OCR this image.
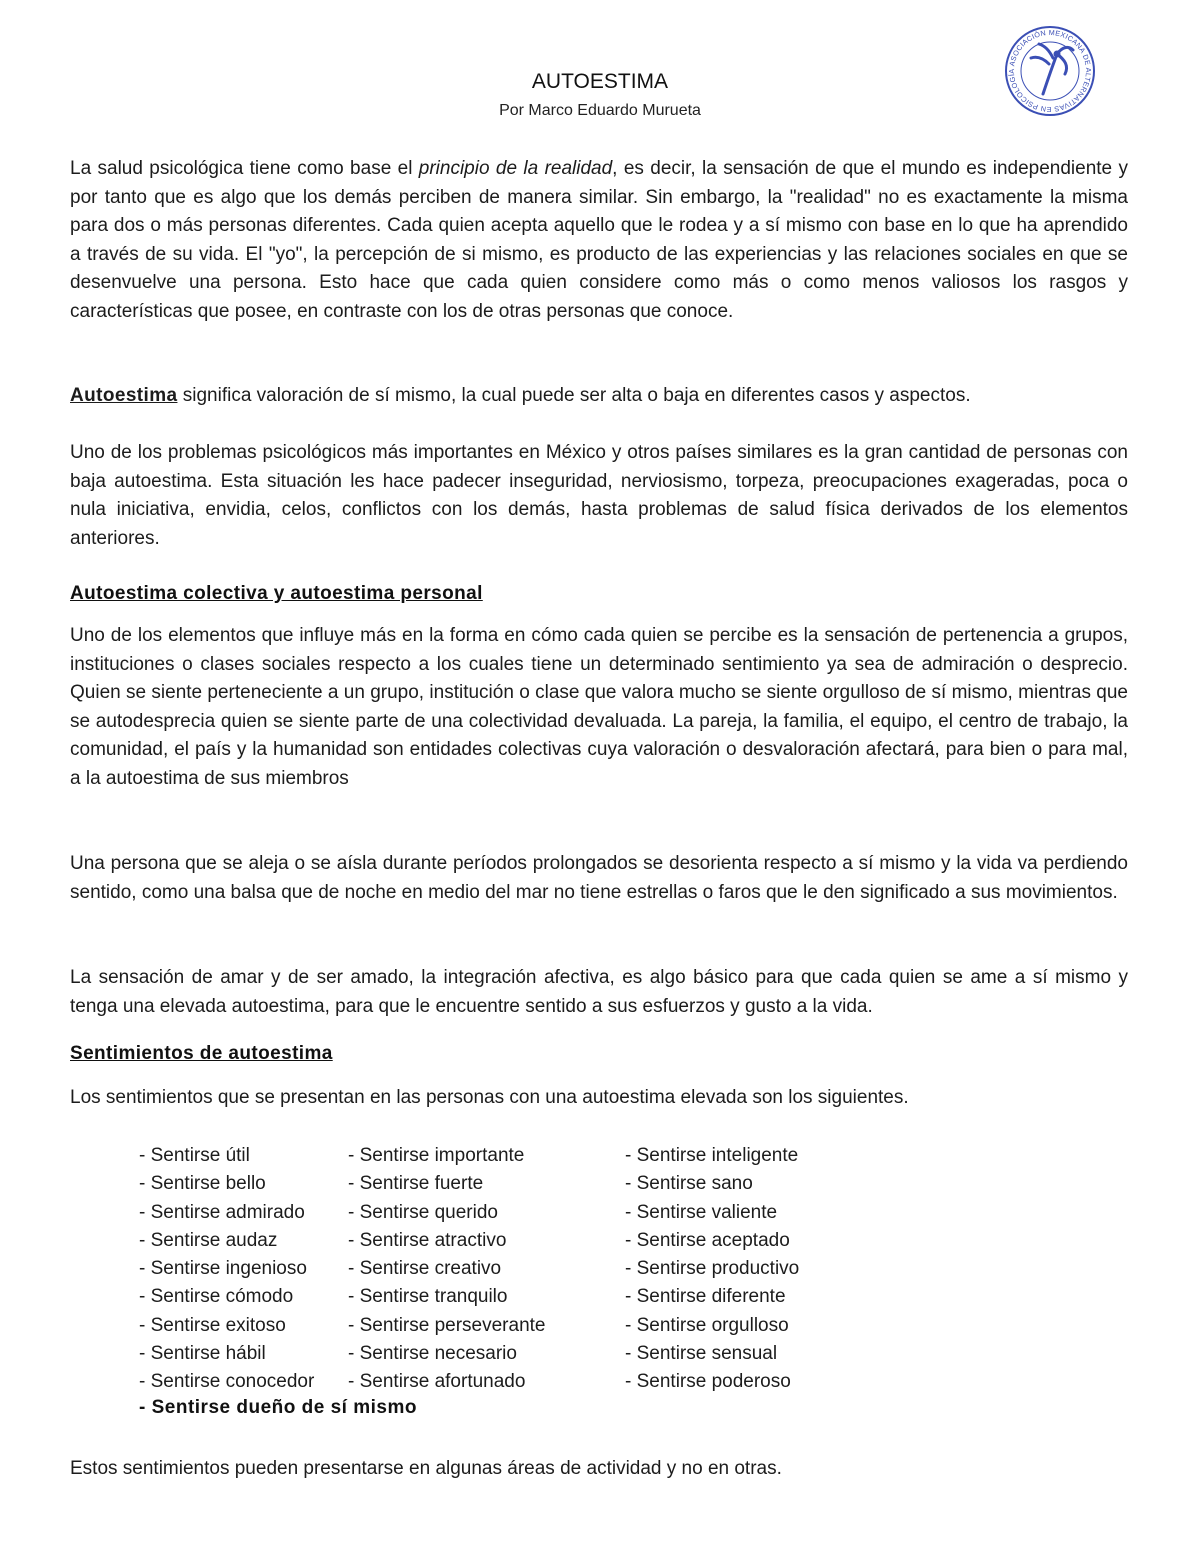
ASOCIACIÓN MEXICANA DE ALTERNATIVAS EN PSICOLOGÍA
AUTOESTIMA
Por Marco Eduardo Murueta
La salud psicológica tiene como base el principio de la realidad, es decir, la sensación de que el mundo es independiente y por tanto que es algo que los demás perciben de manera similar. Sin embargo, la "realidad" no es exactamente la misma para dos o más personas diferentes. Cada quien acepta aquello que le rodea y a sí mismo con base en lo que ha aprendido a través de su vida. El "yo", la percepción de si mismo, es producto de las experiencias y las relaciones sociales en que se desenvuelve una persona. Esto hace que cada quien considere como más o como menos valiosos los rasgos y características que posee, en contraste con los de otras personas que conoce.
Autoestima significa valoración de sí mismo, la cual puede ser alta o baja en diferentes casos y aspectos.
Uno de los problemas psicológicos más importantes en México y otros países similares es la gran cantidad de personas con baja autoestima. Esta situación les hace padecer inseguridad, nerviosismo, torpeza, preocupaciones exageradas, poca o nula iniciativa, envidia, celos, conflictos con los demás, hasta problemas de salud física derivados de los elementos anteriores.
Autoestima colectiva y autoestima personal
Uno de los elementos que influye más en la forma en cómo cada quien se percibe es la sensación de pertenencia a grupos, instituciones o clases sociales respecto a los cuales tiene un determinado sentimiento ya sea de admiración o desprecio. Quien se siente perteneciente a un grupo, institución o clase que valora mucho se siente orgulloso de sí mismo, mientras que se autodesprecia quien se siente parte de una colectividad devaluada. La pareja, la familia, el equipo, el centro de trabajo, la comunidad, el país y la humanidad son entidades colectivas cuya valoración o desvaloración afectará, para bien o para mal, a la autoestima de sus miembros
Una persona que se aleja o se aísla durante períodos prolongados se desorienta respecto a sí mismo y la vida va perdiendo sentido, como una balsa que de noche en medio del mar no tiene estrellas o faros que le den significado a sus movimientos.
La sensación de amar y de ser amado, la integración afectiva, es algo básico para que cada quien se ame a sí mismo y tenga una elevada autoestima, para que le encuentre sentido a sus esfuerzos y gusto a la vida.
Sentimientos de autoestima
Los sentimientos que se presentan en las personas con una autoestima elevada son los siguientes.
- Sentirse útil
- Sentirse bello
- Sentirse admirado
- Sentirse audaz
- Sentirse ingenioso
- Sentirse cómodo
- Sentirse exitoso
- Sentirse hábil
- Sentirse conocedor
- Sentirse importante
- Sentirse fuerte
- Sentirse querido
- Sentirse atractivo
- Sentirse creativo
- Sentirse tranquilo
- Sentirse perseverante
- Sentirse necesario
- Sentirse afortunado
- Sentirse inteligente
- Sentirse sano
- Sentirse valiente
- Sentirse aceptado
- Sentirse productivo
- Sentirse diferente
- Sentirse orgulloso
- Sentirse sensual
- Sentirse poderoso
- Sentirse dueño de sí mismo
Estos sentimientos pueden presentarse en algunas áreas de actividad y no en otras.
